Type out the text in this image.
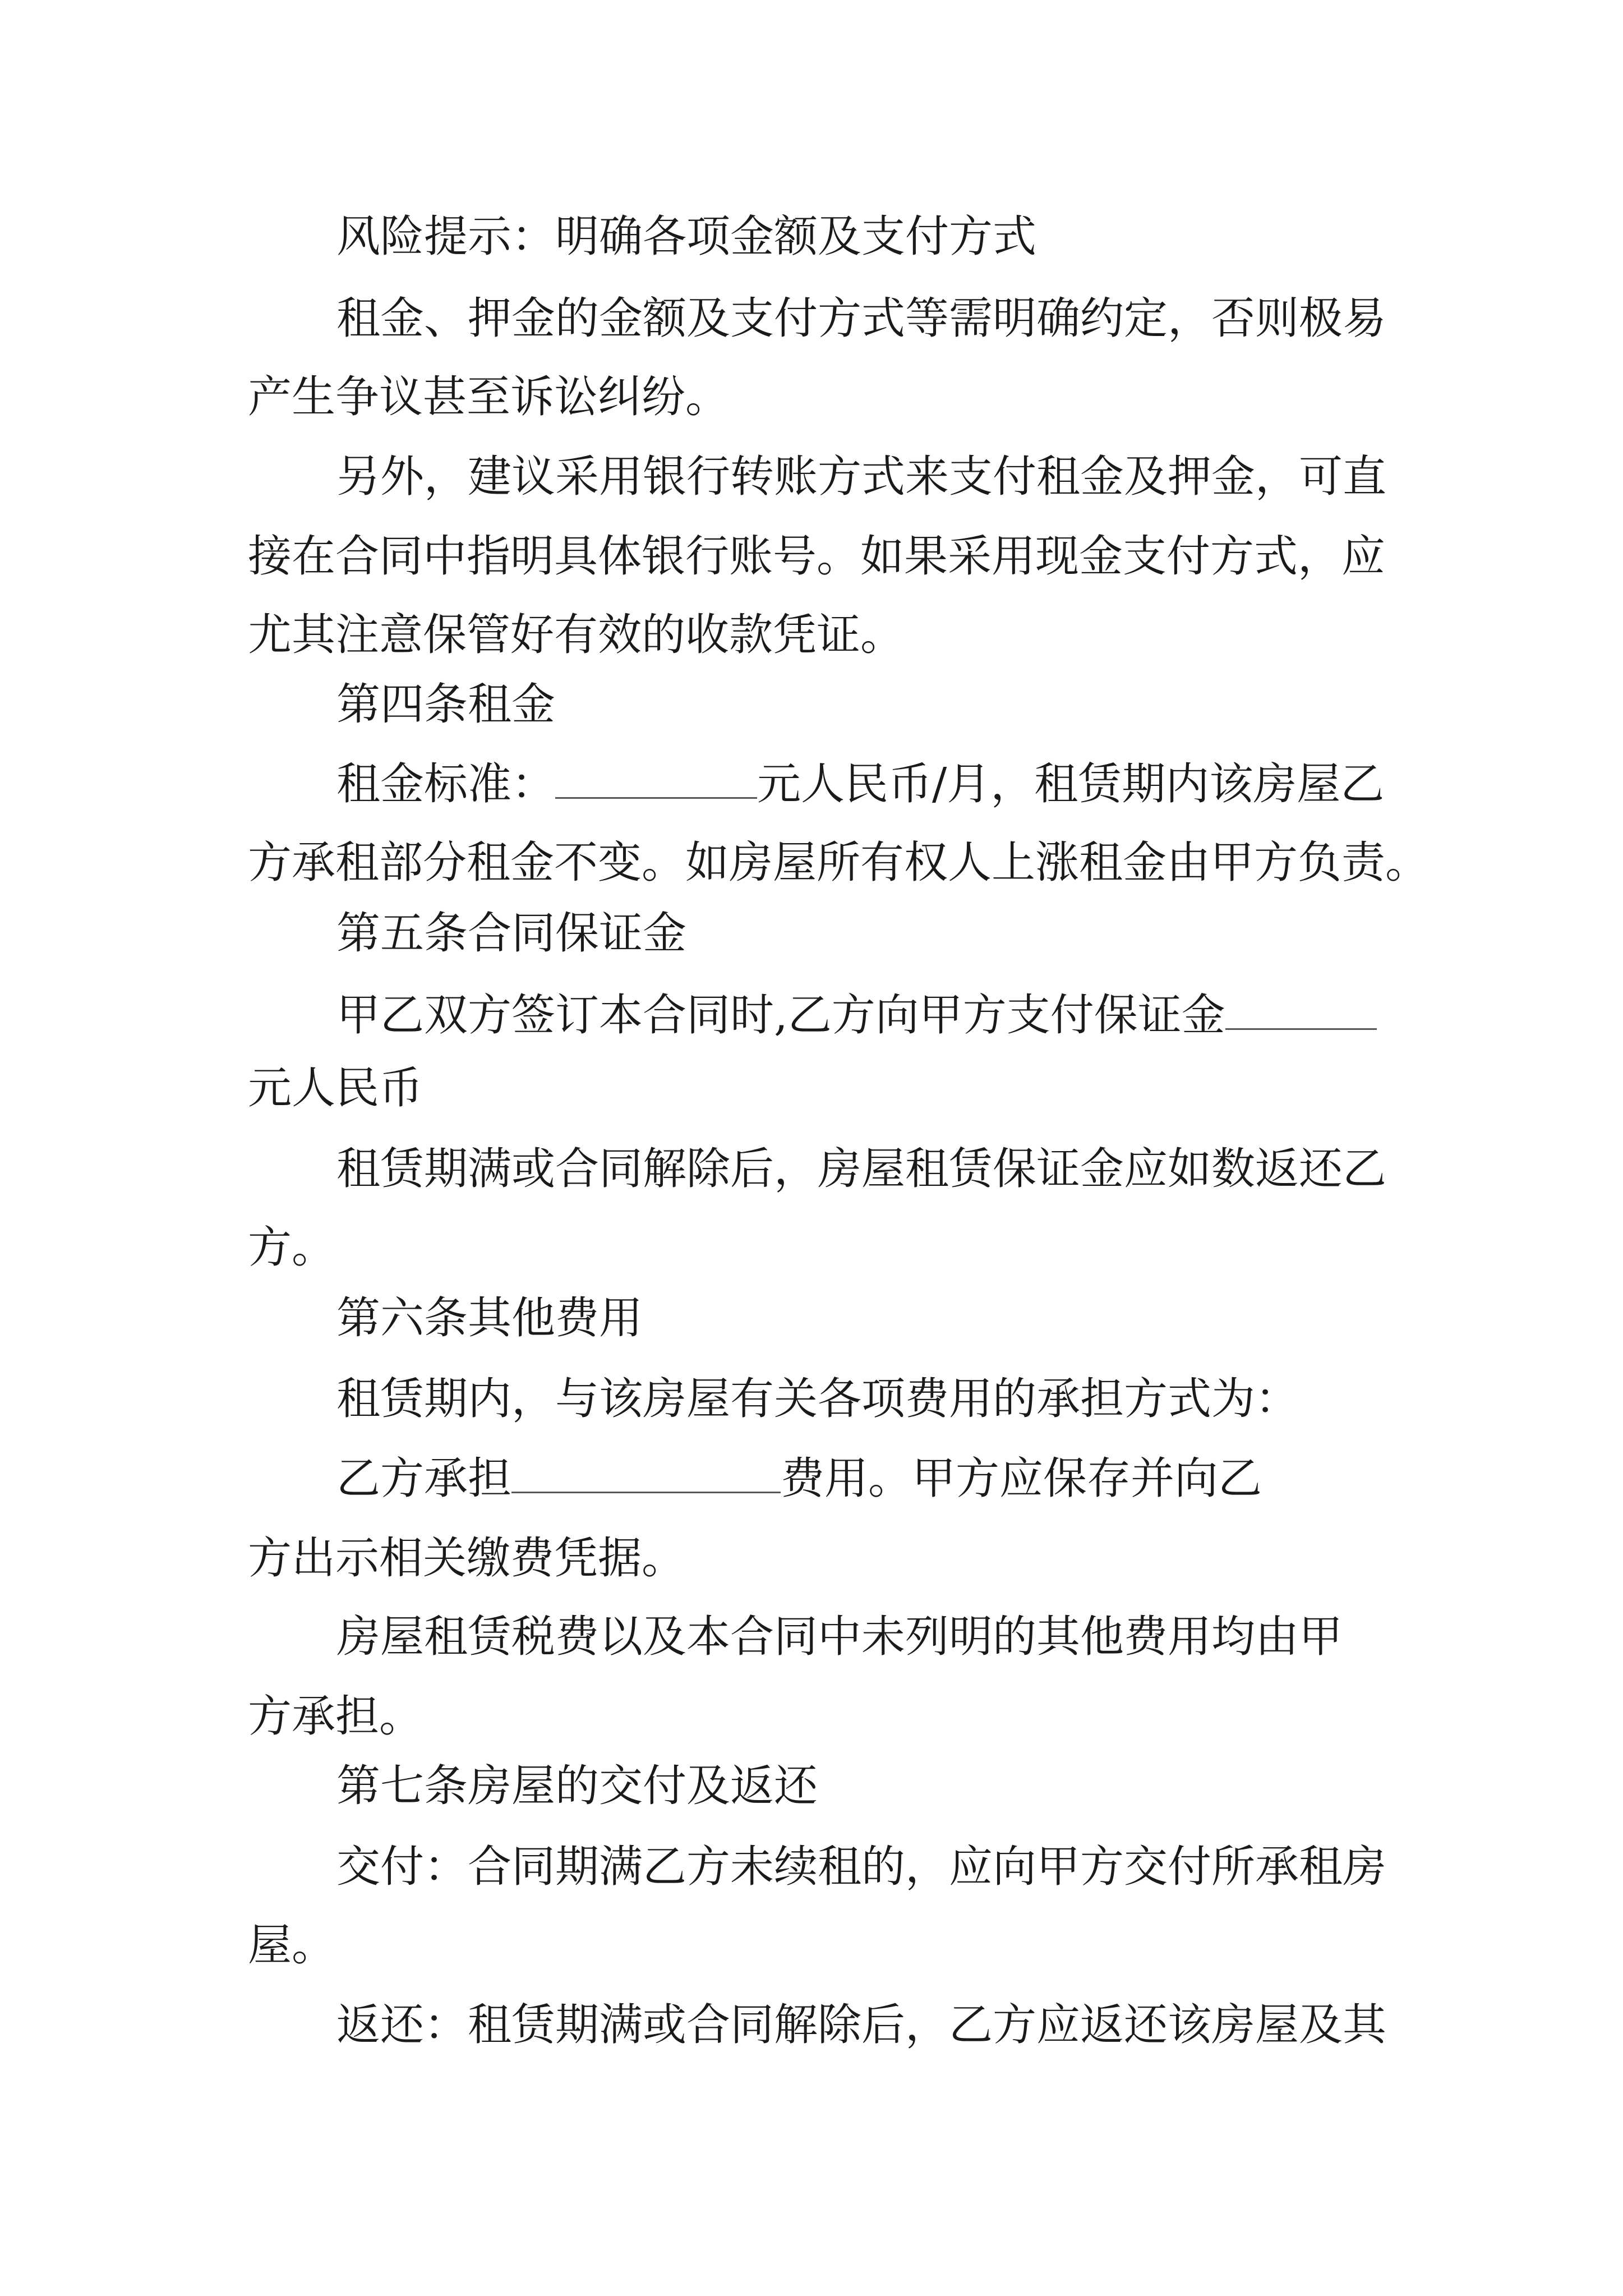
风险提示：明确各项金额及支付方式

租金、押金的金额及支付方式等需明确约定，否则极易

产生争议甚至诉讼纠纷。

另外，建议采用银行转账方式来支付租金及押金，可直

接在合同中指明具体银行账号。如果采用现金支付方式，应

尤其注意保管好有效的收款凭证。

第四条租金

租金标准：	元人民币/月，租赁期内该房屋乙

方承租部分租金不变。如房屋所有权人上涨租金由甲方负责。

第五条合同保证金

甲乙双方签订本合同时,乙方向甲方支付保证金

元人民币

租赁期满或合同解除后，房屋租赁保证金应如数返还乙

方。

第六条其他费用

租赁期内，与该房屋有关各项费用的承担方式为：

乙方承担	费用。甲方应保存并向乙

方出示相关缴费凭据。

房屋租赁税费以及本合同中未列明的其他费用均由甲

方承担。

第七条房屋的交付及返还

交付：合同期满乙方未续租的，应向甲方交付所承租房

屋。

返还：租赁期满或合同解除后，乙方应返还该房屋及其
